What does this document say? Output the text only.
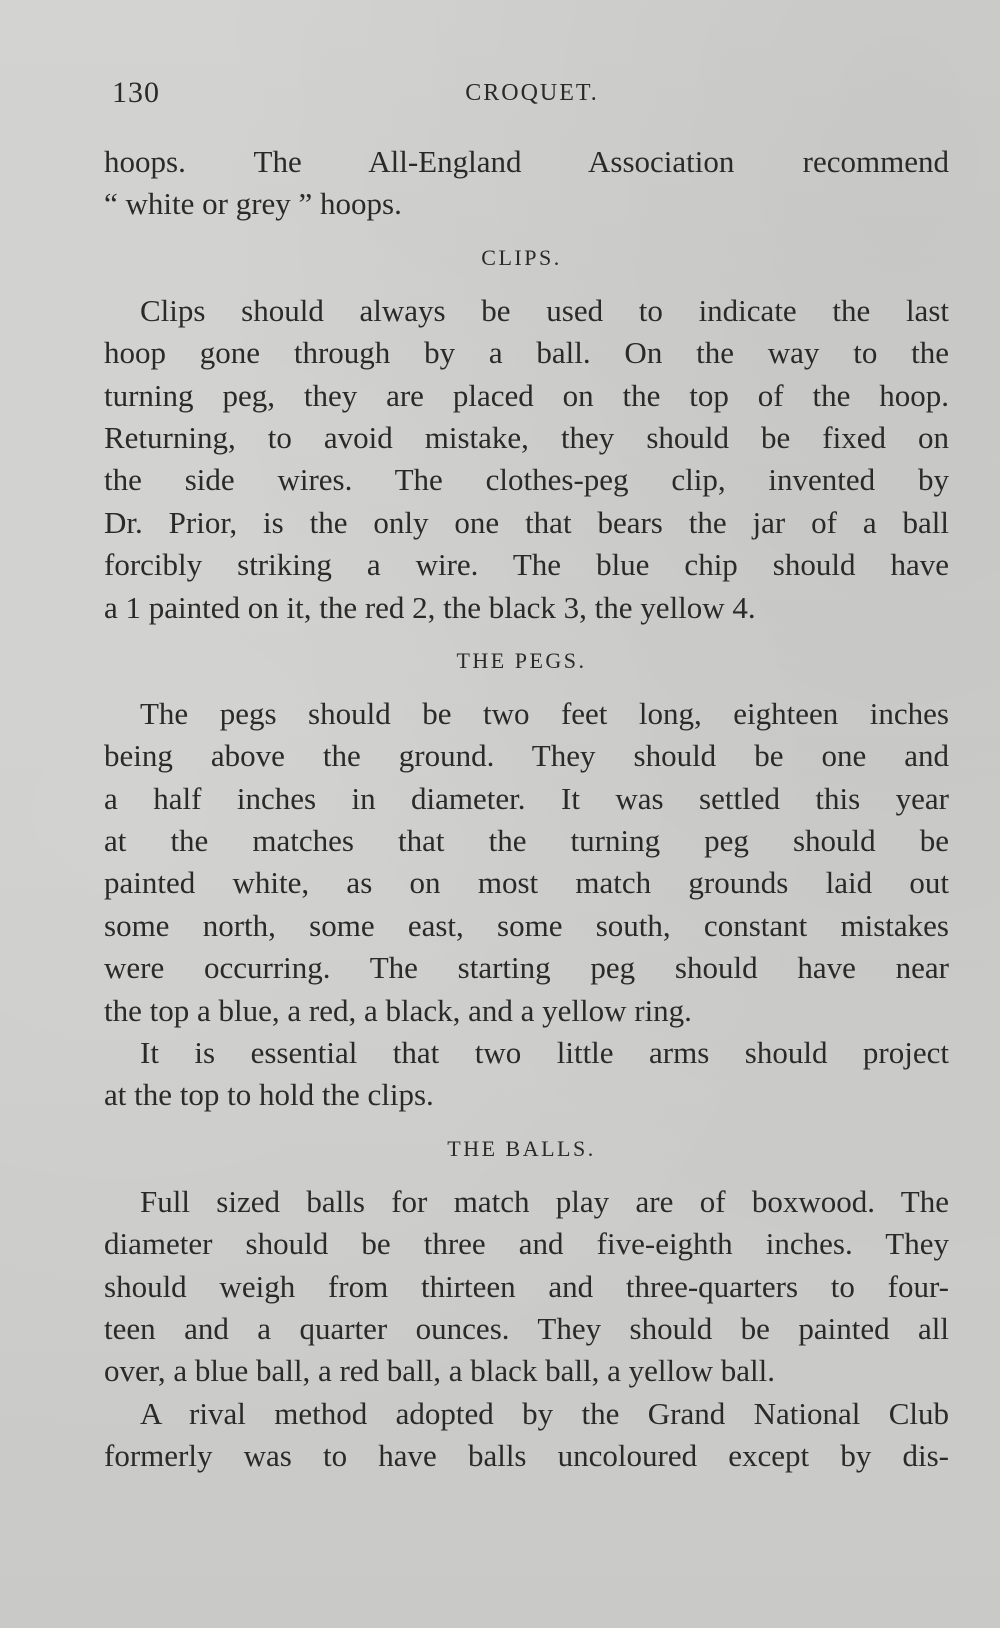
130	CROQUET.
hoops. The All-England Association recommend
“ white or grey ” hoops.
CLIPS.
Clips should always be used to indicate the last
hoop gone through by a ball. On the way to the
turning peg, they are placed on the top of the hoop.
Returning, to avoid mistake, they should be fixed on
the side wires. The clothes-peg clip, invented by
Dr. Prior, is the only one that bears the jar of a ball
forcibly striking a wire. The blue chip should have
a 1 painted on it, the red 2, the black 3, the yellow 4.
THE PEGS.
The pegs should be two feet long, eighteen inches
being above the ground. They should be one and
a half inches in diameter. It was settled this year
at the matches that the turning peg should be
painted white, as on most match grounds laid out
some north, some east, some south, constant mistakes
were occurring. The starting peg should have near
the top a blue, a red, a black, and a yellow ring.
It is essential that two little arms should project
at the top to hold the clips.
THE BALLS.
Full sized balls for match play are of boxwood. The
diameter should be three and five-eighth inches. They
should weigh from thirteen and three-quarters to four-
teen and a quarter ounces. They should be painted all
over, a blue ball, a red ball, a black ball, a yellow ball.
A rival method adopted by the Grand National Club
formerly was to have balls uncoloured except by dis-
